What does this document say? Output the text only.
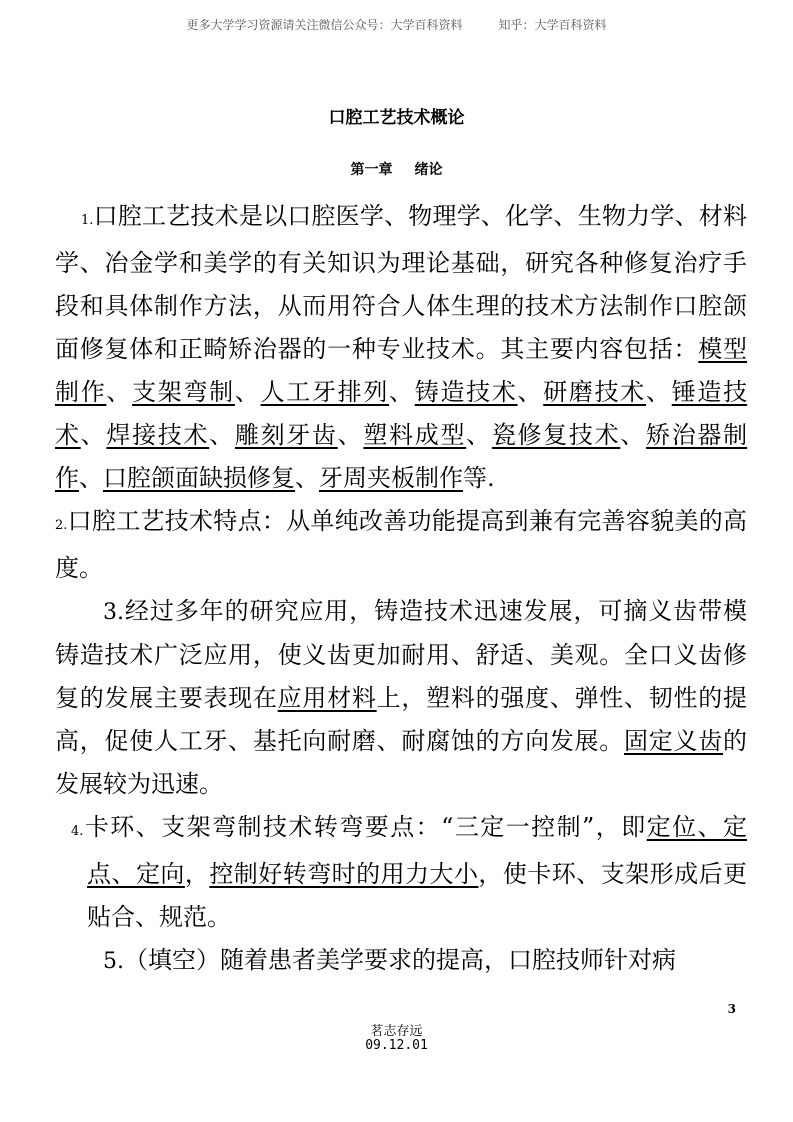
更多大学学习资源请关注微信公众号：大学百科资料	知乎：大学百科资料
口腔工艺技术概论
第一章 绪论

1.口腔工艺技术是以口腔医学、物理学、化学、生物力学、材料学、冶金学和美学的有关知识为理论基础，研究各种修复治疗手段和具体制作方法，从而用符合人体生理的技术方法制作口腔颌面修复体和正畸矫治器的一种专业技术。其主要内容包括：模型制作、支架弯制、人工牙排列、铸造技术、研磨技术、锤造技术、焊接技术、雕刻牙齿、塑料成型、瓷修复技术、矫治器制作、口腔颌面缺损修复、牙周夹板制作等.

2.口腔工艺技术特点：从单纯改善功能提高到兼有完善容貌美的高度。

3.经过多年的研究应用，铸造技术迅速发展，可摘义齿带模铸造技术广泛应用，使义齿更加耐用、舒适、美观。全口义齿修复的发展主要表现在应用材料上，塑料的强度、弹性、韧性的提高，促使人工牙、基托向耐磨、耐腐蚀的方向发展。固定义齿的发展较为迅速。

4.卡环、支架弯制技术转弯要点：“三定一控制”，即定位、定点、定向，控制好转弯时的用力大小，使卡环、支架形成后更贴合、规范。

5.（填空）随着患者美学要求的提高，口腔技师针对病

3
茗志存远
09.12.01
